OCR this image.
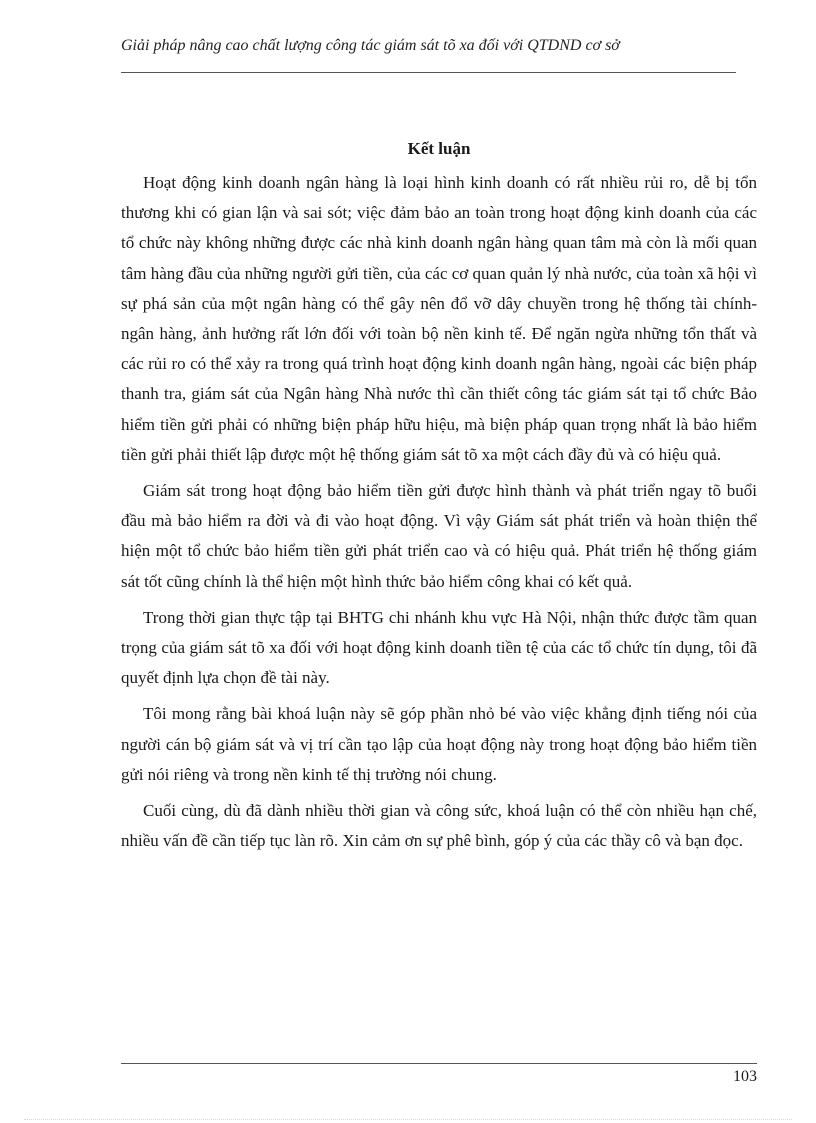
Giải pháp nâng cao chất lượng công tác giám sát tõ xa đối với QTDND cơ sở
Kết luận

Hoạt động kinh doanh ngân hàng là loại hình kinh doanh có rất nhiều rủi ro, dễ bị tổn thương khi có gian lận và sai sót; việc đảm bảo an toàn trong hoạt động kinh doanh của các tổ chức này không những được các nhà kinh doanh ngân hàng quan tâm mà còn là mối quan tâm hàng đầu của những người gửi tiền, của các cơ quan quản lý nhà nước, của toàn xã hội vì sự phá sản của một ngân hàng có thể gây nên đổ vỡ dây chuyền trong hệ thống tài chính- ngân hàng, ảnh hưởng rất lớn đối với toàn bộ nền kinh tế. Để ngăn ngừa những tổn thất và các rủi ro có thể xảy ra trong quá trình hoạt động kinh doanh ngân hàng, ngoài các biện pháp thanh tra, giám sát của Ngân hàng Nhà nước thì cần thiết công tác giám sát tại tổ chức Bảo hiểm tiền gửi phải có những biện pháp hữu hiệu, mà biện pháp quan trọng nhất là bảo hiểm tiền gửi phải thiết lập được một hệ thống giám sát tõ xa một cách đầy đủ và có hiệu quả.

Giám sát trong hoạt động bảo hiểm tiền gửi được hình thành và phát triển ngay tõ buổi đầu mà bảo hiểm ra đời và đi vào hoạt động. Vì vậy Giám sát phát triển và hoàn thiện thể hiện một tổ chức bảo hiểm tiền gửi phát triển cao và có hiệu quả. Phát triển hệ thống giám sát tốt cũng chính là thể hiện một hình thức bảo hiểm công khai có kết quả.

Trong thời gian thực tập tại BHTG chi nhánh khu vực Hà Nội, nhận thức được tầm quan trọng của giám sát tõ xa đối với hoạt động kinh doanh tiền tệ của các tổ chức tín dụng, tôi đã quyết định lựa chọn đề tài này.

Tôi mong rằng bài khoá luận này sẽ góp phần nhỏ bé vào việc khẳng định tiếng nói của người cán bộ giám sát và vị trí cần tạo lập của hoạt động này trong hoạt động bảo hiểm tiền gửi nói riêng và trong nền kinh tế thị trường nói chung.

Cuối cùng, dù đã dành nhiều thời gian và công sức, khoá luận có thể còn nhiều hạn chế, nhiều vấn đề cần tiếp tục làn rõ. Xin cảm ơn sự phê bình, góp ý của các thầy cô và bạn đọc.

103
